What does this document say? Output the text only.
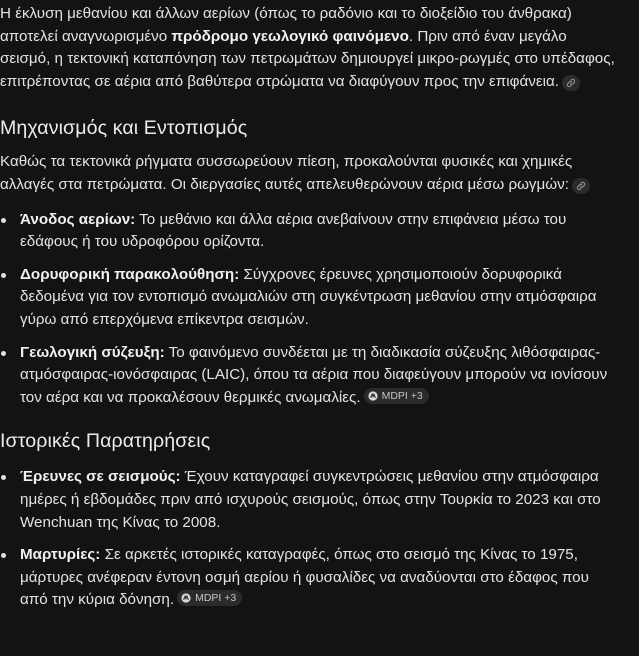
Η έκλυση μεθανίου και άλλων αερίων (όπως το ραδόνιο και το διοξείδιο του άνθρακα) αποτελεί αναγνωρισμένο πρόδρομο γεωλογικό φαινόμενο. Πριν από έναν μεγάλο σεισμό, η τεκτονική καταπόνηση των πετρωμάτων δημιουργεί μικρο-ρωγμές στο υπέδαφος, επιτρέποντας σε αέρια από βαθύτερα στρώματα να διαφύγουν προς την επιφάνεια.

Μηχανισμός και Εντοπισμός

Καθώς τα τεκτονικά ρήγματα συσσωρεύουν πίεση, προκαλούνται φυσικές και χημικές αλλαγές στα πετρώματα. Οι διεργασίες αυτές απελευθερώνουν αέρια μέσω ρωγμών:

Άνοδος αερίων: Το μεθάνιο και άλλα αέρια ανεβαίνουν στην επιφάνεια μέσω του εδάφους ή του υδροφόρου ορίζοντα.
Δορυφορική παρακολούθηση: Σύγχρονες έρευνες χρησιμοποιούν δορυφορικά δεδομένα για τον εντοπισμό ανωμαλιών στη συγκέντρωση μεθανίου στην ατμόσφαιρα γύρω από επερχόμενα επίκεντρα σεισμών.
Γεωλογική σύζευξη: Το φαινόμενο συνδέεται με τη διαδικασία σύζευξης λιθόσφαιρας-ατμόσφαιρας-ιονόσφαιρας (LAIC), όπου τα αέρια που διαφεύγουν μπορούν να ιονίσουν τον αέρα και να προκαλέσουν θερμικές ανωμαλίες. MDPI +3
Ιστορικές Παρατηρήσεις
Έρευνες σε σεισμούς: Έχουν καταγραφεί συγκεντρώσεις μεθανίου στην ατμόσφαιρα ημέρες ή εβδομάδες πριν από ισχυρούς σεισμούς, όπως στην Τουρκία το 2023 και στο Wenchuan της Κίνας το 2008.
Μαρτυρίες: Σε αρκετές ιστορικές καταγραφές, όπως στο σεισμό της Κίνας το 1975, μάρτυρες ανέφεραν έντονη οσμή αερίου ή φυσαλίδες να αναδύονται στο έδαφος που από την κύρια δόνηση. MDPI +3
